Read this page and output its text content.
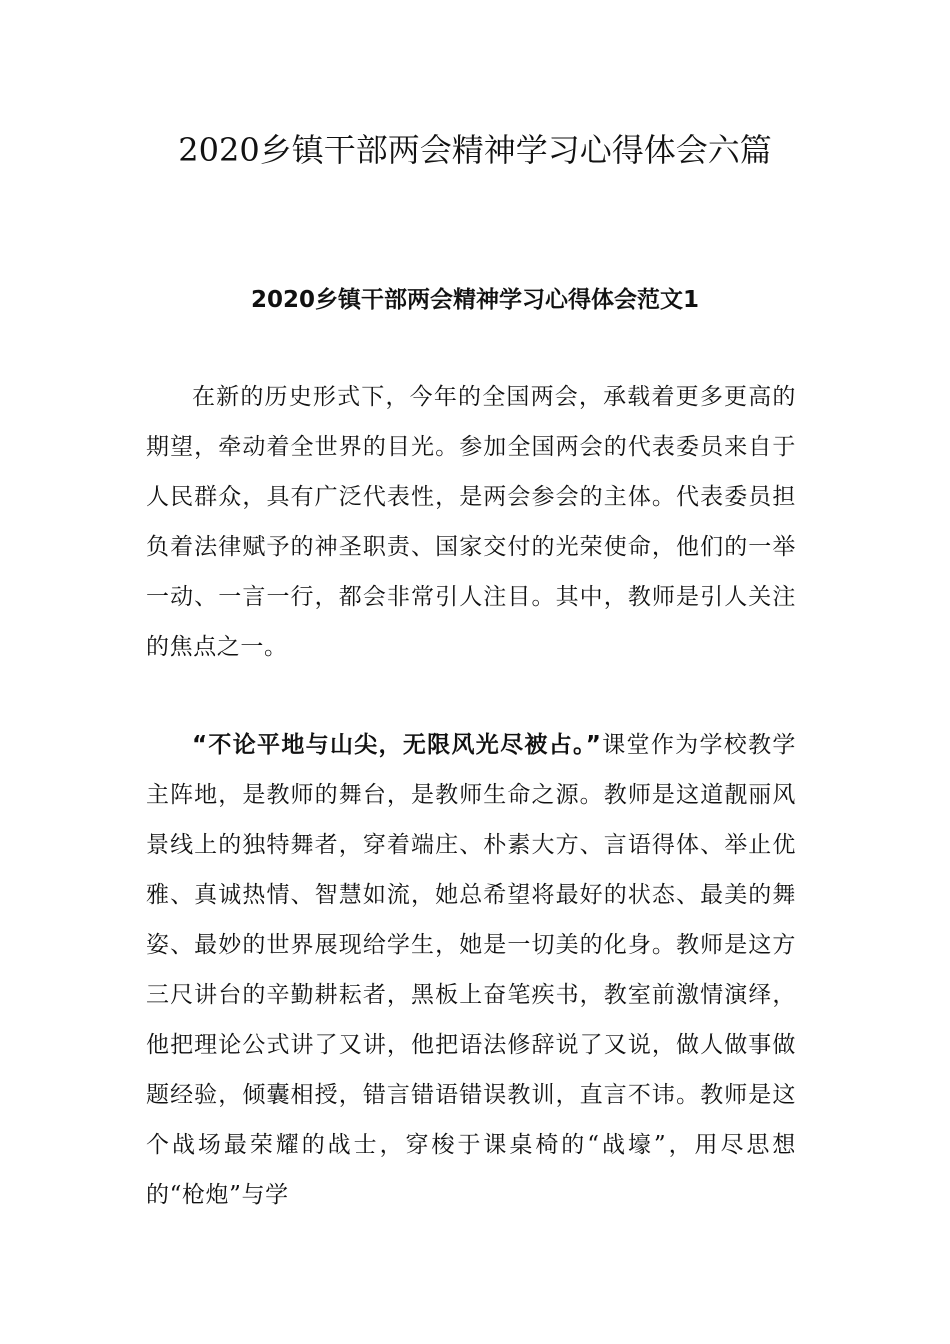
2020乡镇干部两会精神学习心得体会六篇
2020乡镇干部两会精神学习心得体会范文1

在新的历史形式下，今年的全国两会，承载着更多更高的期望，牵动着全世界的目光。参加全国两会的代表委员来自于人民群众，具有广泛代表性，是两会参会的主体。代表委员担负着法律赋予的神圣职责、国家交付的光荣使命，他们的一举一动、一言一行，都会非常引人注目。其中，教师是引人关注的焦点之一。

“不论平地与山尖，无限风光尽被占。”课堂作为学校教学主阵地，是教师的舞台，是教师生命之源。教师是这道靓丽风景线上的独特舞者，穿着端庄、朴素大方、言语得体、举止优雅、真诚热情、智慧如流，她总希望将最好的状态、最美的舞姿、最妙的世界展现给学生，她是一切美的化身。教师是这方三尺讲台的辛勤耕耘者，黑板上奋笔疾书，教室前激情演绎，他把理论公式讲了又讲，他把语法修辞说了又说，做人做事做题经验，倾囊相授，错言错语错误教训，直言不讳。教师是这个战场最荣耀的战士，穿梭于课桌椅的“战壕”，用尽思想的“枪炮”与学
